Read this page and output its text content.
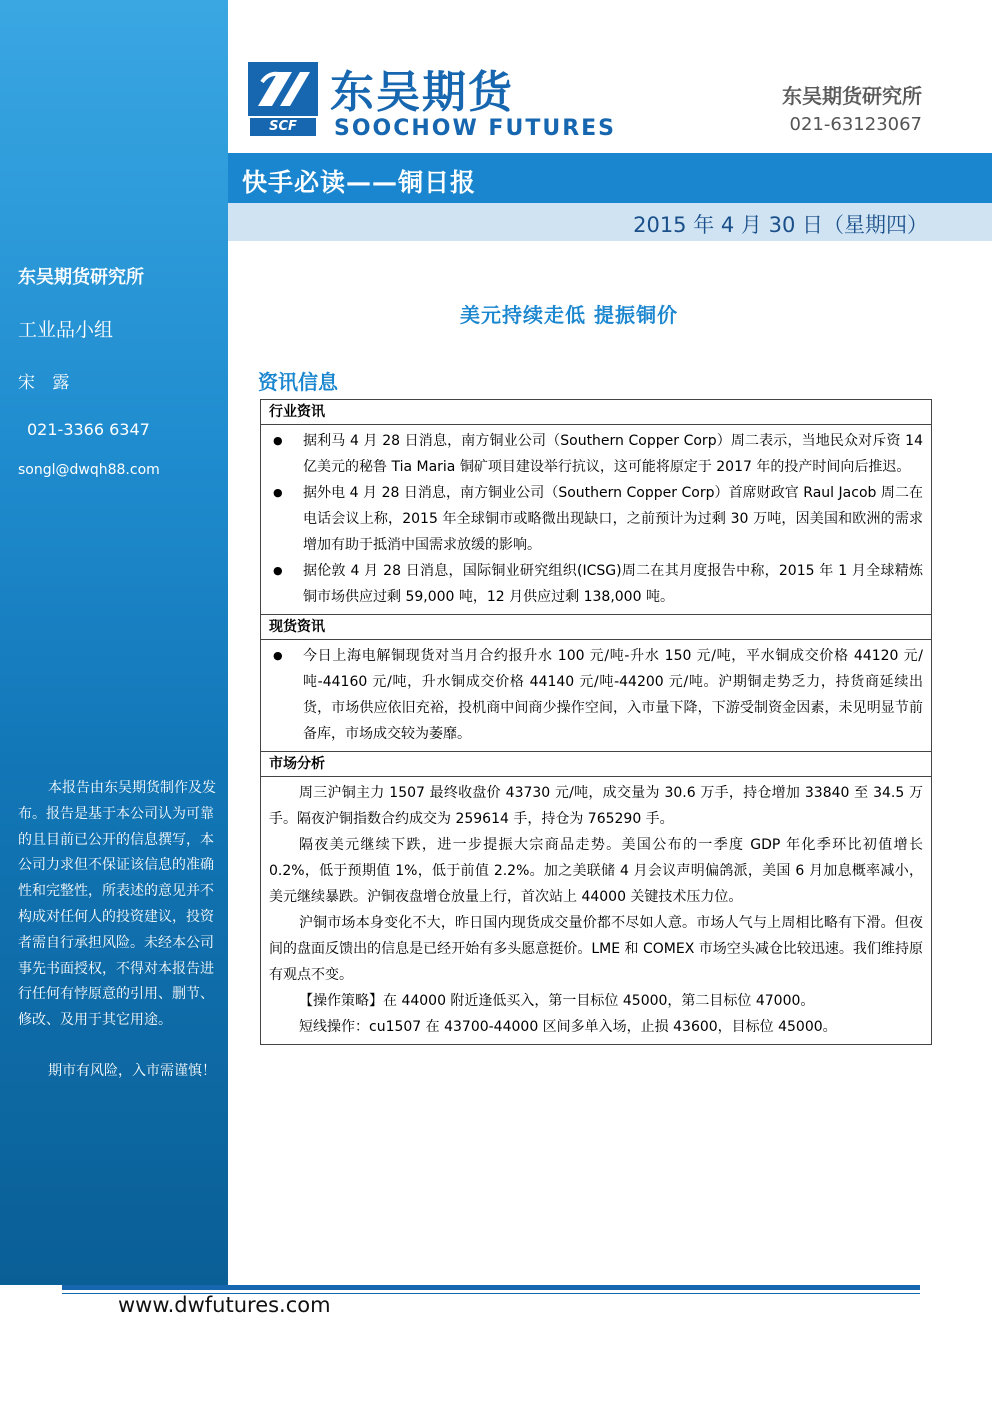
东吴期货研究所
工业品小组
宋 露
021-3366 6347
songl@dwqh88.com
本报告由东吴期货制作及发布。报告是基于本公司认为可靠的且目前已公开的信息撰写，本公司力求但不保证该信息的准确性和完整性，所表述的意见并不构成对任何人的投资建议，投资者需自行承担风险。未经本公司事先书面授权，不得对本报告进行任何有悖原意的引用、删节、修改、及用于其它用途。
期市有风险，入市需谨慎！
SCF
东吴期货
SOOCHOW FUTURES
东吴期货研究所
021-63123067
快手必读——铜日报
2015 年 4 月 30 日（星期四）
美元持续走低 提振铜价
资讯信息
行业资讯
● 据利马 4 月 28 日消息，南方铜业公司（Southern Copper Corp）周二表示，当地民众对斥资 14 亿美元的秘鲁 Tia Maria 铜矿项目建设举行抗议，这可能将原定于 2017 年的投产时间向后推迟。
● 据外电 4 月 28 日消息，南方铜业公司（Southern Copper Corp）首席财政官 Raul Jacob 周二在电话会议上称，2015 年全球铜市或略微出现缺口，之前预计为过剩 30 万吨，因美国和欧洲的需求增加有助于抵消中国需求放缓的影响。
● 据伦敦 4 月 28 日消息，国际铜业研究组织(ICSG)周二在其月度报告中称，2015 年 1 月全球精炼铜市场供应过剩 59,000 吨，12 月供应过剩 138,000 吨。
现货资讯
● 今日上海电解铜现货对当月合约报升水 100 元/吨-升水 150 元/吨，平水铜成交价格 44120 元/吨-44160 元/吨，升水铜成交价格 44140 元/吨-44200 元/吨。沪期铜走势乏力，持货商延续出货，市场供应依旧充裕，投机商中间商少操作空间，入市量下降，下游受制资金因素，未见明显节前备库，市场成交较为萎靡。
市场分析
周三沪铜主力 1507 最终收盘价 43730 元/吨，成交量为 30.6 万手，持仓增加 33840 至 34.5 万手。隔夜沪铜指数合约成交为 259614 手，持仓为 765290 手。
隔夜美元继续下跌，进一步提振大宗商品走势。美国公布的一季度 GDP 年化季环比初值增长 0.2%，低于预期值 1%，低于前值 2.2%。加之美联储 4 月会议声明偏鸽派，美国 6 月加息概率减小，美元继续暴跌。沪铜夜盘增仓放量上行，首次站上 44000 关键技术压力位。
沪铜市场本身变化不大，昨日国内现货成交量价都不尽如人意。市场人气与上周相比略有下滑。但夜间的盘面反馈出的信息是已经开始有多头愿意挺价。LME 和 COMEX 市场空头减仓比较迅速。我们维持原有观点不变。
【操作策略】在 44000 附近逢低买入，第一目标位 45000，第二目标位 47000。
短线操作：cu1507 在 43700-44000 区间多单入场，止损 43600，目标位 45000。
www.dwfutures.com
